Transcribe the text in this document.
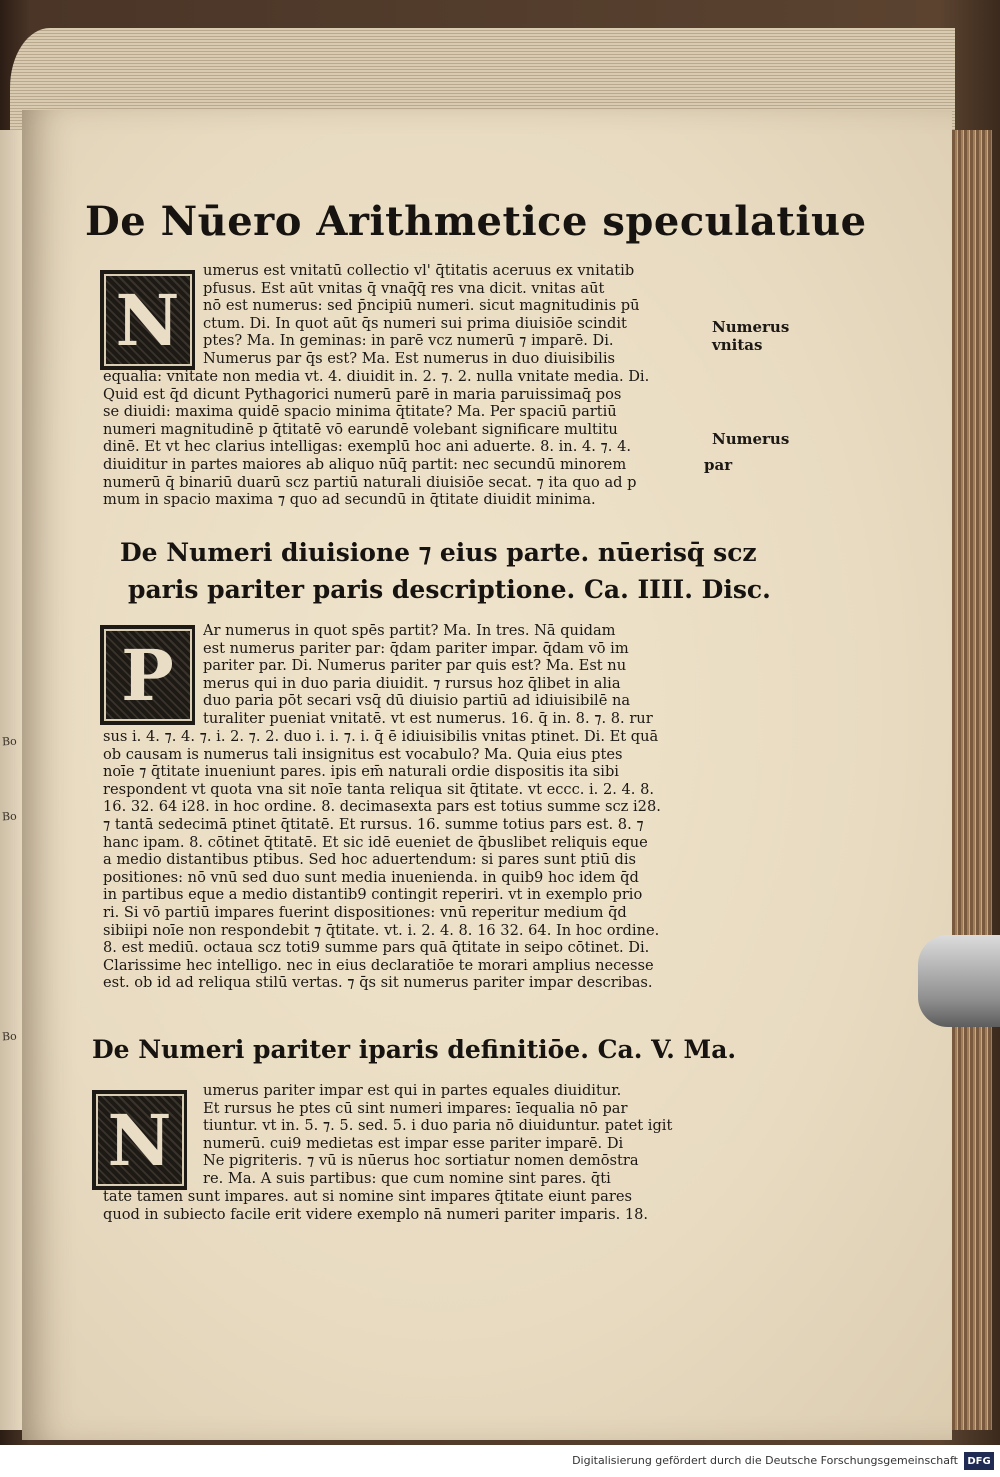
Bo
Bo
Bo
De Nūero Arithmetice speculatiue
N
umerus est vnitatū collectio vl' q̄titatis aceruus ex vnitatib
pfusus. Est aūt vnitas q̄ vnaq̄q̄ res vna dicit. vnitas aūt
nō est numerus: sed p̄ncipiū numeri. sicut magnitudinis pū
ctum. Di. In quot aūt q̄s numeri sui prima diuisiōe scindit
ptes? Ma. In geminas: in parē vcz numerū ⁊ imparē. Di.
Numerus par q̄s est? Ma. Est numerus in duo diuisibilis
equalia: vnitate non media vt. 4. diuidit in. 2. ⁊. 2. nulla vnitate media. Di.
Quid est q̄d dicunt Pythagorici numerū parē in maria paruissimaq̄ pos
se diuidi: maxima quidē spacio minima q̄titate? Ma. Per spaciū partiū
numeri magnitudinē p q̄titatē vō earundē volebant significare multitu
dinē. Et vt hec clarius intelligas: exemplū hoc ani aduerte. 8. in. 4. ⁊. 4.
diuiditur in partes maiores ab aliquo nūq̄ partit: nec secundū minorem
numerū q̄ binariū duarū scz partiū naturali diuisiōe secat. ⁊ ita quo ad p
mum in spacio maxima ⁊ quo ad secundū in q̄titate diuidit minima.
Numerus
vnitas
Numerus
par
De Numeri diuisione ⁊ eius parte. nūerisq̄ scz
paris pariter paris descriptione. Ca. IIII. Disc.
P
Ar numerus in quot spēs partit? Ma. In tres. Nā quidam
est numerus pariter par: q̄dam pariter impar. q̄dam vō im
pariter par. Di. Numerus pariter par quis est? Ma. Est nu
merus qui in duo paria diuidit. ⁊ rursus hoz q̄libet in alia
duo paria pōt secari vsq̄ dū diuisio partiū ad idiuisibilē na
turaliter pueniat vnitatē. vt est numerus. 16. q̄ in. 8. ⁊. 8. rur
sus i. 4. ⁊. 4. ⁊. i. 2. ⁊. 2. duo i. i. ⁊. i. q̄ ē idiuisibilis vnitas ptinet. Di. Et quā
ob causam is numerus tali insignitus est vocabulo? Ma. Quia eius ptes
noīe ⁊ q̄titate inueniunt pares. ipis em̄ naturali ordie dispositis ita sibi
respondent vt quota vna sit noīe tanta reliqua sit q̄titate. vt eccc. i. 2. 4. 8.
16. 32. 64 i28. in hoc ordine. 8. decimasexta pars est totius summe scz i28.
⁊ tantā sedecimā ptinet q̄titatē. Et rursus. 16. summe totius pars est. 8. ⁊
hanc ipam. 8. cōtinet q̄titatē. Et sic idē eueniet de q̄buslibet reliquis eque
a medio distantibus ptibus. Sed hoc aduertendum: si pares sunt ptiū dis
positiones: nō vnū sed duo sunt media inuenienda. in quib9 hoc idem q̄d
in partibus eque a medio distantib9 contingit reperiri. vt in exemplo prio
ri. Si vō partiū impares fuerint dispositiones: vnū reperitur medium q̄d
sibiipi noīe non respondebit ⁊ q̄titate. vt. i. 2. 4. 8. 16 32. 64. In hoc ordine.
8. est mediū. octaua scz toti9 summe pars quā q̄titate in seipo cōtinet. Di.
Clarissime hec intelligo. nec in eius declaratiōe te morari amplius necesse
est. ob id ad reliqua stilū vertas. ⁊ q̄s sit numerus pariter impar describas.
De Numeri pariter iparis definitiōe. Ca. V. Ma.
N
umerus pariter impar est qui in partes equales diuiditur.
Et rursus he ptes cū sint numeri impares: īequalia nō par
tiuntur. vt in. 5. ⁊. 5. sed. 5. i duo paria nō diuiduntur. patet igit
numerū. cui9 medietas est impar esse pariter imparē. Di
Ne pigriteris. ⁊ vū is nūerus hoc sortiatur nomen demōstra
re. Ma. A suis partibus: que cum nomine sint pares. q̄ti
tate tamen sunt impares. aut si nomine sint impares q̄titate eiunt pares
quod in subiecto facile erit videre exemplo nā numeri pariter imparis. 18.
Digitalisierung gefördert durch die Deutsche Forschungsgemeinschaft DFG
